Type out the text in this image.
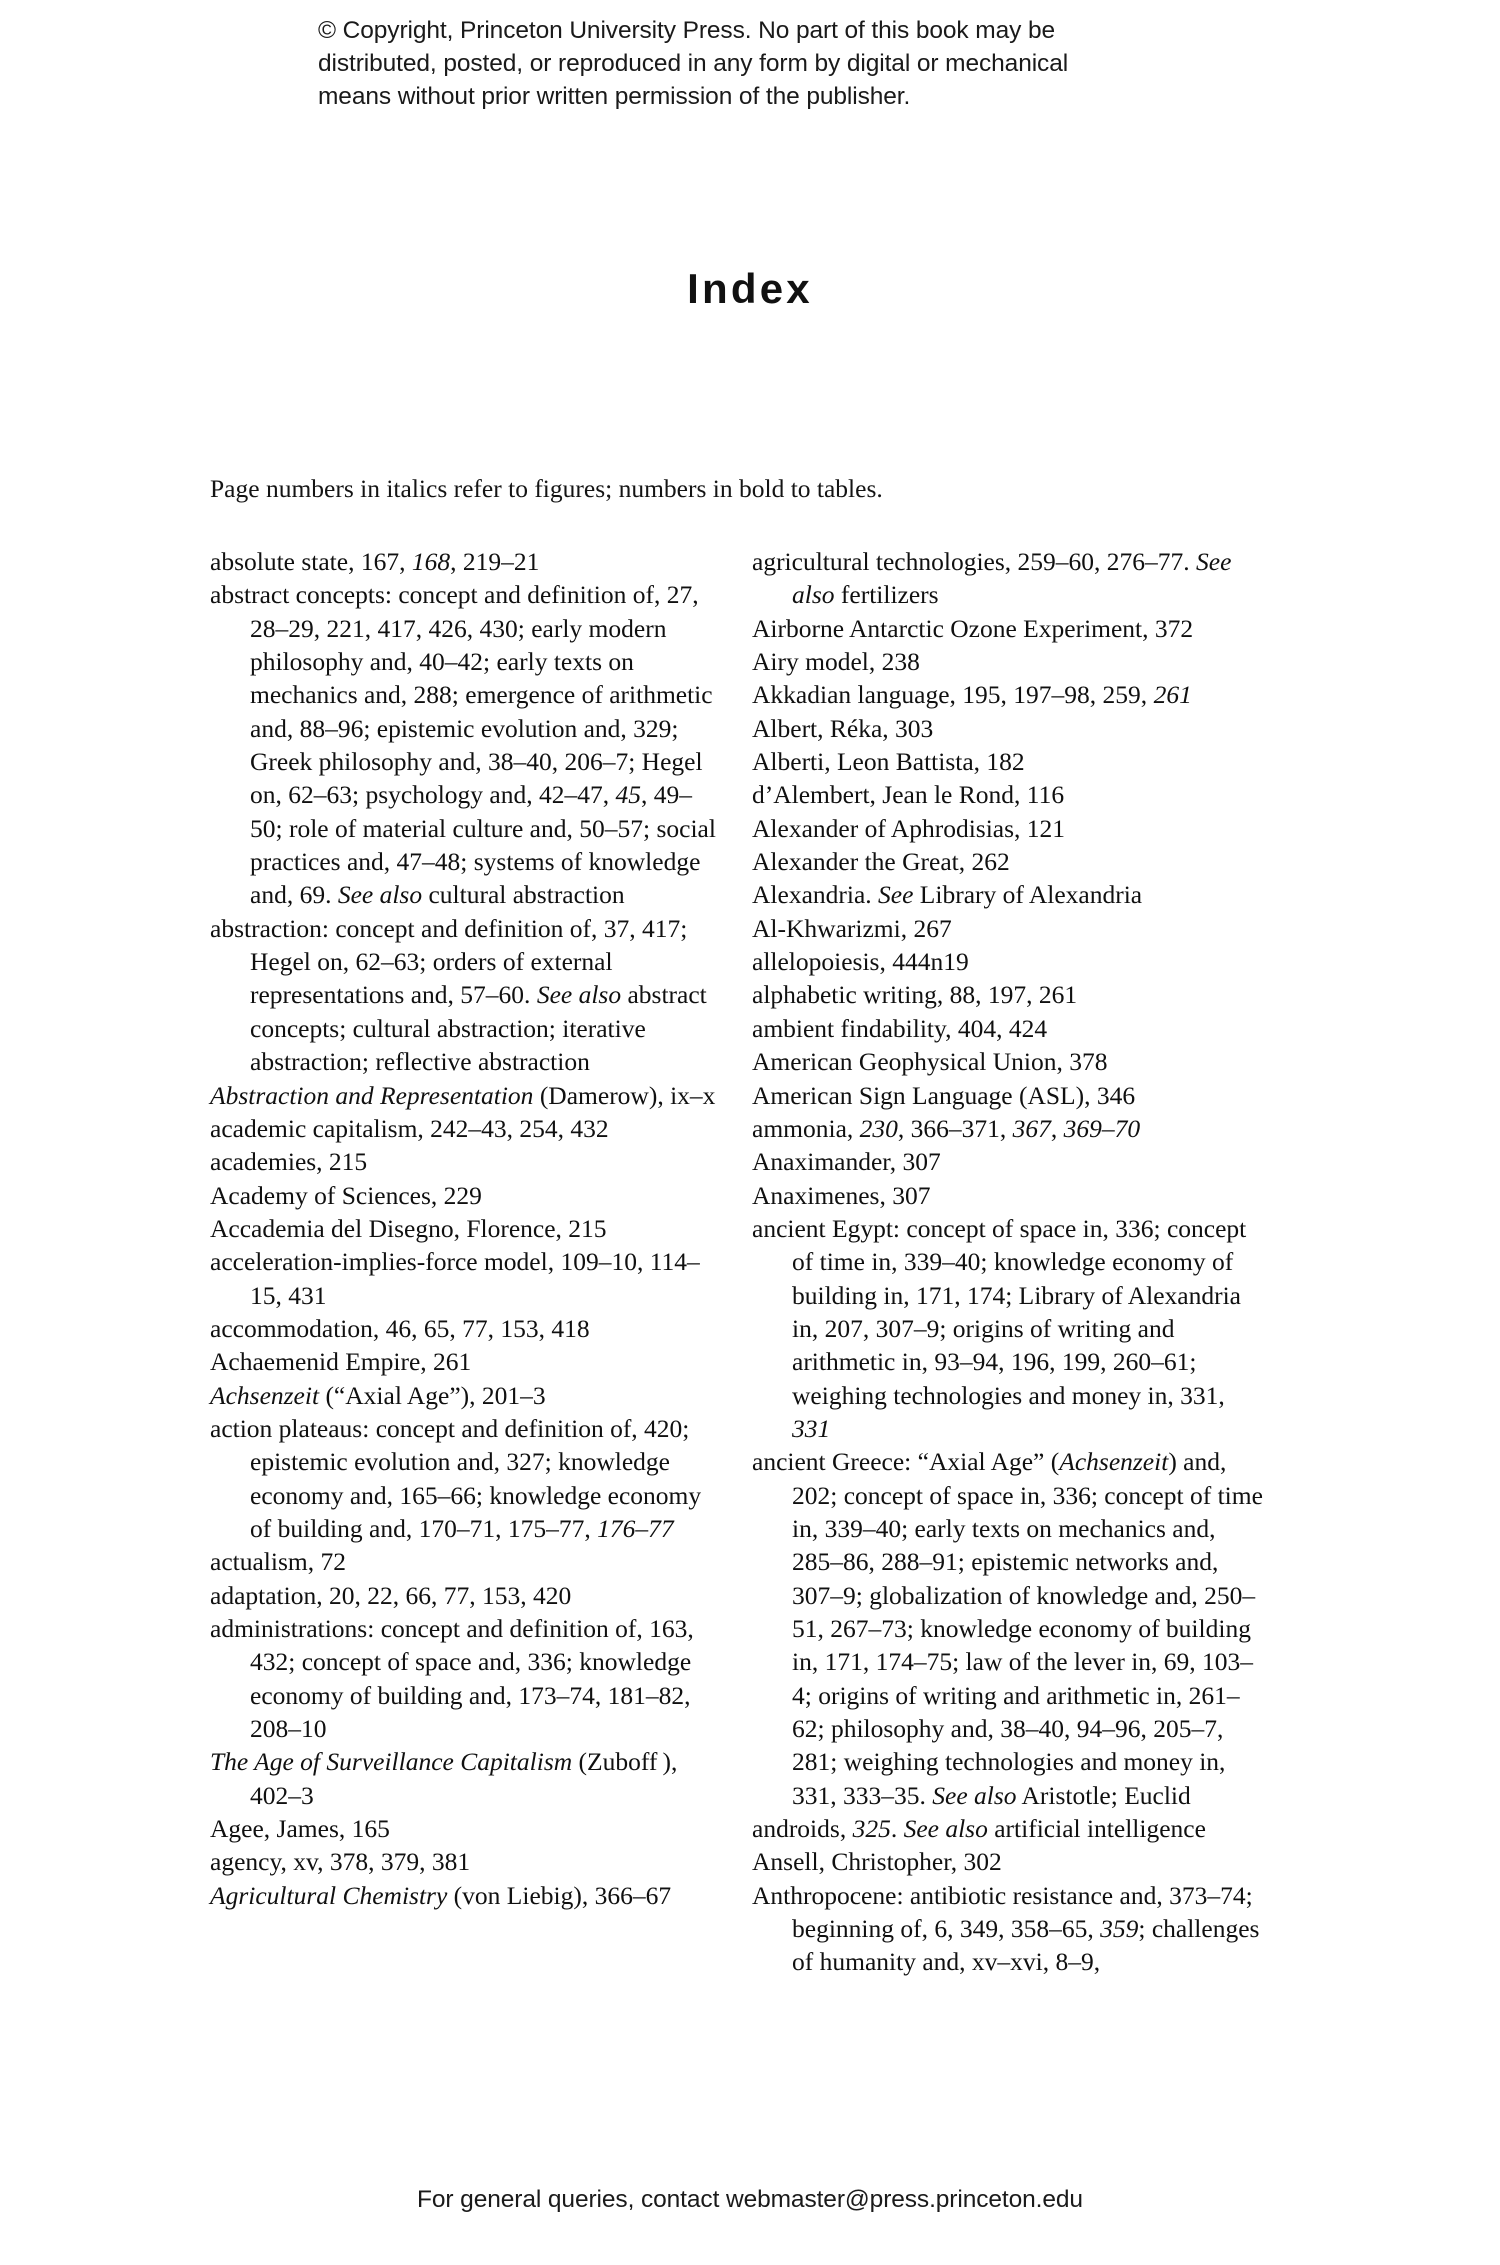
© Copyright, Princeton University Press. No part of this book may be
distributed, posted, or reproduced in any form by digital or mechanical
means without prior written permission of the publisher.
Index
Page numbers in italics refer to figures; numbers in bold to tables.

absolute state, 167, 168, 219–21

abstract concepts: concept and definition of, 27, 28–29, 221, 417, 426, 430; early modern philosophy and, 40–42; early texts on mechanics and, 288; emergence of arithmetic and, 88–96; epistemic evolution and, 329; Greek philosophy and, 38–40, 206–7; Hegel on, 62–63; psychology and, 42–47, 45, 49–50; role of material culture and, 50–57; social practices and, 47–48; systems of knowledge and, 69. See also cultural abstraction

abstraction: concept and definition of, 37, 417; Hegel on, 62–63; orders of external representations and, 57–60. See also abstract concepts; cultural abstraction; iterative abstraction; reflective abstraction

Abstraction and Representation (Damerow), ix–x

academic capitalism, 242–43, 254, 432

academies, 215

Academy of Sciences, 229

Accademia del Disegno, Florence, 215

acceleration-implies-force model, 109–10, 114–15, 431

accommodation, 46, 65, 77, 153, 418

Achaemenid Empire, 261

Achsenzeit (“Axial Age”), 201–3

action plateaus: concept and definition of, 420; epistemic evolution and, 327; knowledge economy and, 165–66; knowledge economy of building and, 170–71, 175–77, 176–77

actualism, 72

adaptation, 20, 22, 66, 77, 153, 420

administrations: concept and definition of, 163, 432; concept of space and, 336; knowledge economy of building and, 173–74, 181–82, 208–10

The Age of Surveillance Capitalism (Zuboff ), 402–3

Agee, James, 165

agency, xv, 378, 379, 381

Agricultural Chemistry (von Liebig), 366–67

agricultural technologies, 259–60, 276–77. See also fertilizers

Airborne Antarctic Ozone Experiment, 372

Airy model, 238

Akkadian language, 195, 197–98, 259, 261

Albert, Réka, 303

Alberti, Leon Battista, 182

d’Alembert, Jean le Rond, 116

Alexander of Aphrodisias, 121

Alexander the Great, 262

Alexandria. See Library of Alexandria

Al-Khwarizmi, 267

allelopoiesis, 444n19

alphabetic writing, 88, 197, 261

ambient findability, 404, 424

American Geophysical Union, 378

American Sign Language (ASL), 346

ammonia, 230, 366–371, 367, 369–70

Anaximander, 307

Anaximenes, 307

ancient Egypt: concept of space in, 336; concept of time in, 339–40; knowledge economy of building in, 171, 174; Library of Alexandria in, 207, 307–9; origins of writing and arithmetic in, 93–94, 196, 199, 260–61; weighing technologies and money in, 331, 331

ancient Greece: “Axial Age” (Achsenzeit) and, 202; concept of space in, 336; concept of time in, 339–40; early texts on mechanics and, 285–86, 288–91; epistemic networks and, 307–9; globalization of knowledge and, 250–51, 267–73; knowledge economy of building in, 171, 174–75; law of the lever in, 69, 103–4; origins of writing and arithmetic in, 261–62; philosophy and, 38–40, 94–96, 205–7, 281; weighing technologies and money in, 331, 333–35. See also Aristotle; Euclid

androids, 325. See also artificial intelligence

Ansell, Christopher, 302

Anthropocene: antibiotic resistance and, 373–74; beginning of, 6, 349, 358–65, 359; challenges of humanity and, xv–xvi, 8–9,

For general queries, contact webmaster@press.princeton.edu
